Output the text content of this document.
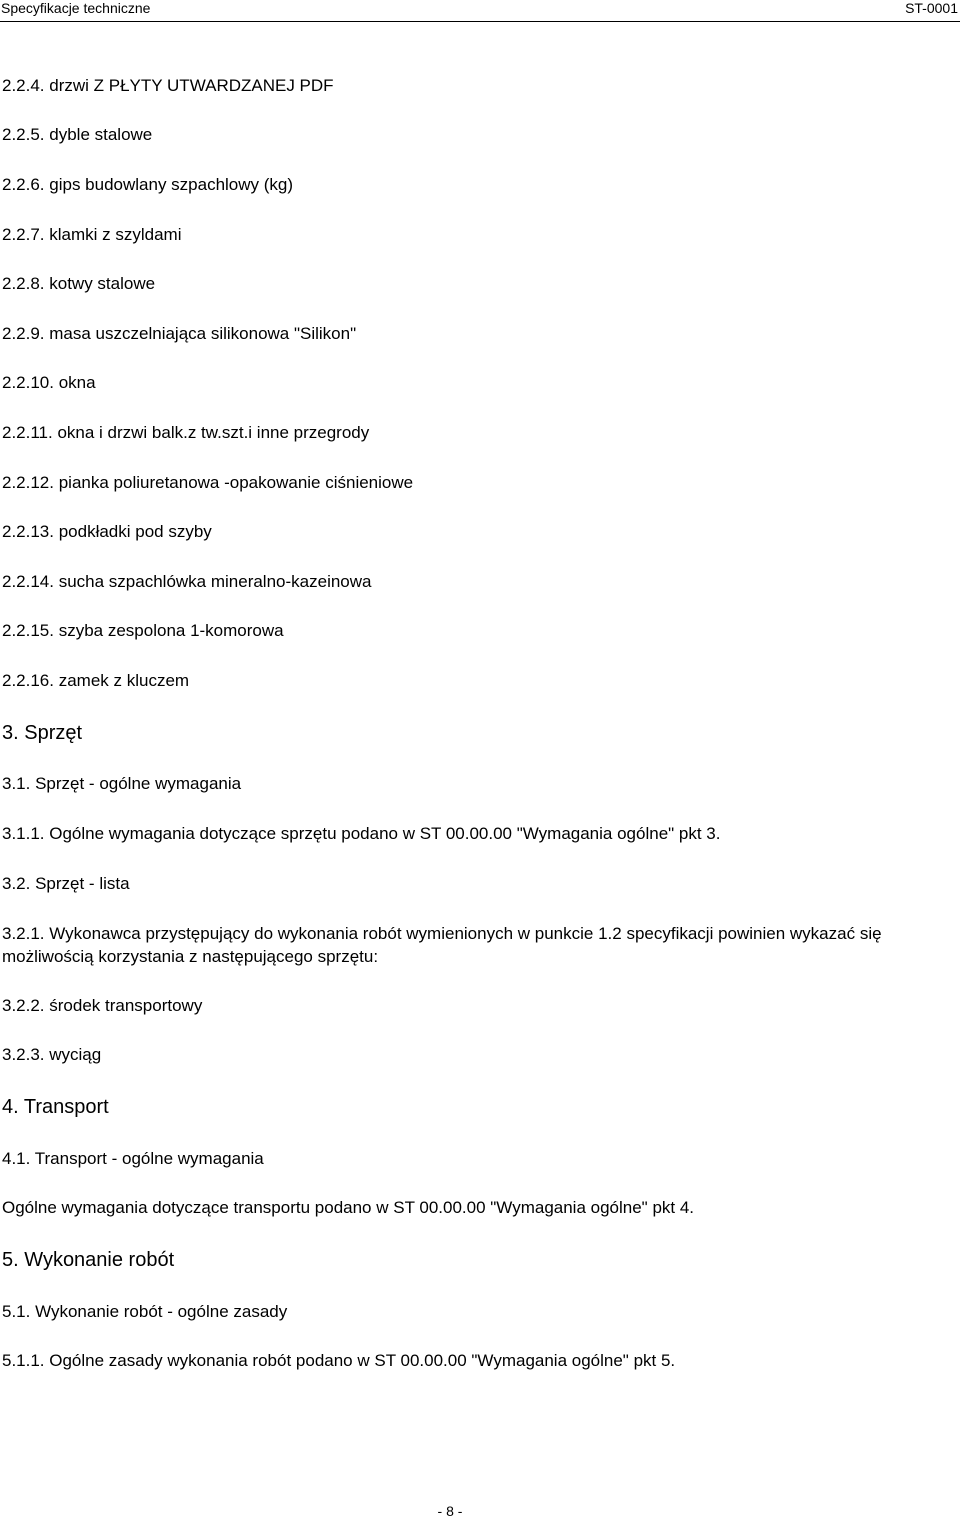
Specyfikacje techniczne	ST-0001
2.2.4. drzwi Z PŁYTY UTWARDZANEJ PDF
2.2.5. dyble stalowe
2.2.6. gips budowlany szpachlowy (kg)
2.2.7. klamki z szyldami
2.2.8. kotwy stalowe
2.2.9. masa uszczelniająca silikonowa "Silikon"
2.2.10. okna
2.2.11. okna i drzwi balk.z tw.szt.i inne przegrody
2.2.12. pianka poliuretanowa -opakowanie ciśnieniowe
2.2.13. podkładki pod szyby
2.2.14. sucha szpachlówka mineralno-kazeinowa
2.2.15. szyba zespolona 1-komorowa
2.2.16. zamek z kluczem
3. Sprzęt
3.1. Sprzęt - ogólne wymagania
3.1.1. Ogólne wymagania dotyczące sprzętu podano w ST 00.00.00 "Wymagania ogólne" pkt 3.
3.2. Sprzęt - lista
3.2.1. Wykonawca przystępujący do wykonania robót wymienionych w punkcie 1.2 specyfikacji powinien wykazać się możliwością korzystania z następującego sprzętu:
3.2.2. środek transportowy
3.2.3. wyciąg
4. Transport
4.1. Transport - ogólne wymagania
Ogólne wymagania dotyczące transportu podano w ST 00.00.00 "Wymagania ogólne" pkt 4.
5. Wykonanie robót
5.1. Wykonanie robót - ogólne zasady
5.1.1. Ogólne zasady wykonania robót podano w ST 00.00.00 "Wymagania ogólne" pkt 5.
- 8 -
